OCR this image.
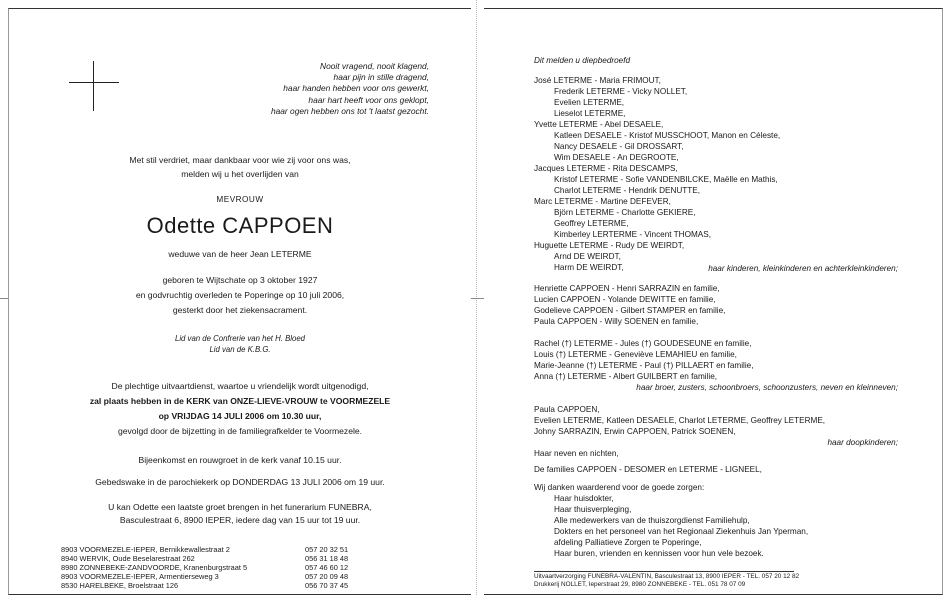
Nooit vragend, nooit klagend,
haar pijn in stille dragend,
haar handen hebben voor ons gewerkt,
haar hart heeft voor ons geklopt,
haar ogen hebben ons tot 't laatst gezocht.
Met stil verdriet, maar dankbaar voor wie zij voor ons was,
melden wij u het overlijden van
MEVROUW
Odette CAPPOEN
weduwe van de heer Jean LETERME
geboren te Wijtschate op 3 oktober 1927
en godvruchtig overleden te Poperinge op 10 juli 2006,
gesterkt door het ziekensacrament.
Lid van de Confrerie van het H. Bloed
Lid van de K.B.G.
De plechtige uitvaartdienst, waartoe u vriendelijk wordt uitgenodigd,
zal plaats hebben in de KERK van ONZE-LIEVE-VROUW te VOORMEZELE
op VRIJDAG 14 JULI 2006 om 10.30 uur,
gevolgd door de bijzetting in de familiegrafkelder te Voormezele.
Bijeenkomst en rouwgroet in de kerk vanaf 10.15 uur.
Gebedswake in de parochiekerk op DONDERDAG 13 JULI 2006 om 19 uur.
U kan Odette een laatste groet brengen in het funerarium FUNEBRA,
Basculestraat 6, 8900 IEPER, iedere dag van 15 uur tot 19 uur.
8903 VOORMEZELE-IEPER, Bernikkewallestraat 2
8940 WERVIK, Oude Beselarestraat 262
8980 ZONNEBEKE-ZANDVOORDE, Kranenburgstraat 5
8903 VOORMEZELE-IEPER, Armentierseweg 3
8530 HARELBEKE, Broelstraat 126
057 20 32 51
056 31 18 48
057 46 60 12
057 20 09 48
056 70 37 45
Dit melden u diepbedroefd
José LETERME - Maria FRIMOUT,
Frederik LETERME - Vicky NOLLET,
Evelien LETERME,
Lieselot LETERME,
Yvette LETERME - Abel DESAELE,
Katleen DESAELE - Kristof MUSSCHOOT, Manon en Céleste,
Nancy DESAELE - Gil DROSSART,
Wim DESAELE - An DEGROOTE,
Jacques LETERME - Rita DESCAMPS,
Kristof LETERME - Sofie VANDENBILCKE, Maëlle en Mathis,
Charlot LETERME - Hendrik DENUTTE,
Marc LETERME - Martine DEFEVER,
Björn LETERME - Charlotte GEKIERE,
Geoffrey LETERME,
Kimberley LERTERME - Vincent THOMAS,
Huguette LETERME - Rudy DE WEIRDT,
Arnd DE WEIRDT,
Harm DE WEIRDT,	haar kinderen, kleinkinderen en achterkleinkinderen;
Henriette CAPPOEN - Henri SARRAZIN en familie,
Lucien CAPPOEN - Yolande DEWITTE en familie,
Godelieve CAPPOEN - Gilbert STAMPER en familie,
Paula CAPPOEN - Willy SOENEN en familie,
Rachel (†) LETERME - Jules (†) GOUDESEUNE en familie,
Louis (†) LETERME - Geneviève LEMAHIEU en familie,
Marie-Jeanne (†) LETERME - Paul (†) PILLAERT en familie,
Anna (†) LETERME - Albert GUILBERT en familie,
haar broer, zusters, schoonbroers, schoonzusters, neven en kleinneven;
Paula CAPPOEN,
Evelien LETERME, Katleen DESAELE, Charlot LETERME, Geoffrey LETERME,
Johny SARRAZIN, Erwin CAPPOEN, Patrick SOENEN,
haar doopkinderen;
Haar neven en nichten,
De families CAPPOEN - DESOMER en LETERME - LIGNEEL,
Wij danken waarderend voor de goede zorgen:
Haar huisdokter,
Haar thuisverpleging,
Alle medewerkers van de thuiszorgdienst Familiehulp,
Dokters en het personeel van het Regionaal Ziekenhuis Jan Yperman,
afdeling Palliatieve Zorgen te Poperinge,
Haar buren, vrienden en kennissen voor hun vele bezoek.
Uitvaartverzorging FUNEBRA-VALENTIN, Basculestraat 13, 8900 IEPER - TEL. 057 20 12 82
Drukkerij NOLLET, Ieperstraat 29, 8980 ZONNEBEKE - TEL. 051 78 07 09
